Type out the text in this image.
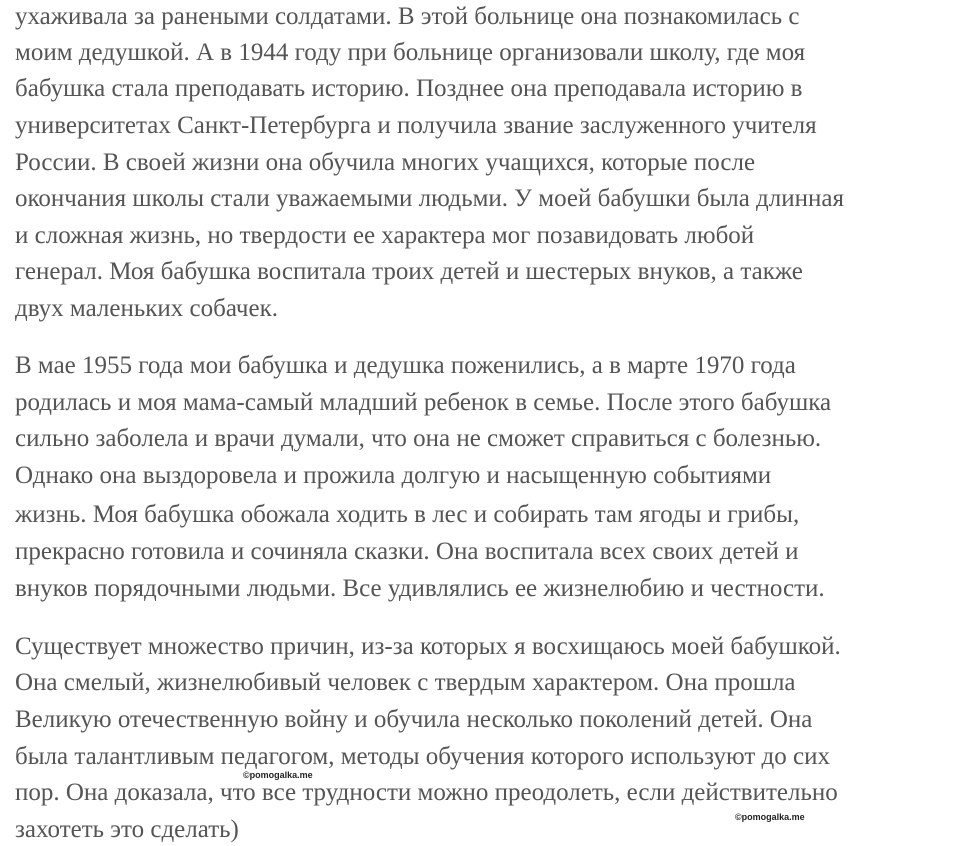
ухаживала за ранеными солдатами. В этой больнице она познакомилась с
моим дедушкой. А в 1944 году при больнице организовали школу, где моя
бабушка стала преподавать историю. Позднее она преподавала историю в
университетах Санкт-Петербурга и получила звание заслуженного учителя
России. В своей жизни она обучила многих учащихся, которые после
окончания школы стали уважаемыми людьми. У моей бабушки была длинная
и сложная жизнь, но твердости ее характера мог позавидовать любой
генерал. Моя бабушка воспитала троих детей и шестерых внуков, а также
двух маленьких собачек.
В мае 1955 года мои бабушка и дедушка поженились, а в марте 1970 года
родилась и моя мама-самый младший ребенок в семье. После этого бабушка
сильно заболела и врачи думали, что она не сможет справиться с болезнью.
Однако она выздоровела и прожила долгую и насыщенную событиями
жизнь. Моя бабушка обожала ходить в лес и собирать там ягоды и грибы,
прекрасно готовила и сочиняла сказки. Она воспитала всех своих детей и
внуков порядочными людьми. Все удивлялись ее жизнелюбию и честности.
Существует множество причин, из-за которых я восхищаюсь моей бабушкой.
Она смелый, жизнелюбивый человек с твердым характером. Она прошла
Великую отечественную войну и обучила несколько поколений детей. Она
была талантливым педагогом, методы обучения которого используют до сих
пор. Она доказала, что все трудности можно преодолеть, если действительно
захотеть это сделать)
©pomogalka.me
©pomogalka.me
